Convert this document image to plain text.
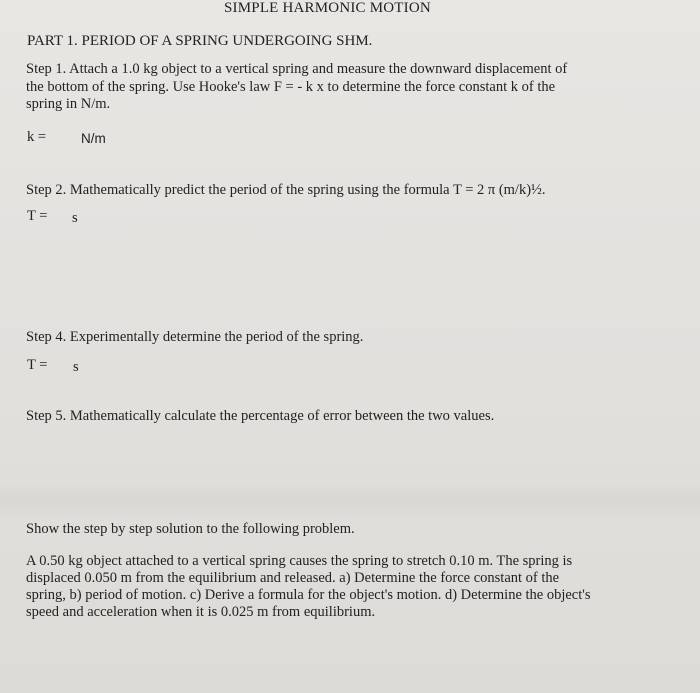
SIMPLE HARMONIC MOTION
PART 1. PERIOD OF A SPRING UNDERGOING SHM.
Step 1. Attach a 1.0 kg object to a vertical spring and measure the downward displacement of
the bottom of the spring. Use Hooke's law F = - k x to determine the force constant k of the
spring in N/m.
k =	N/m
Step 2. Mathematically predict the period of the spring using the formula T = 2 π (m/k)½.
T = s
Step 4. Experimentally determine the period of the spring.
T = s
Step 5. Mathematically calculate the percentage of error between the two values.
Show the step by step solution to the following problem.
A 0.50 kg object attached to a vertical spring causes the spring to stretch 0.10 m. The spring is
displaced 0.050 m from the equilibrium and released. a) Determine the force constant of the
spring, b) period of motion. c) Derive a formula for the object's motion. d) Determine the object's
speed and acceleration when it is 0.025 m from equilibrium.
